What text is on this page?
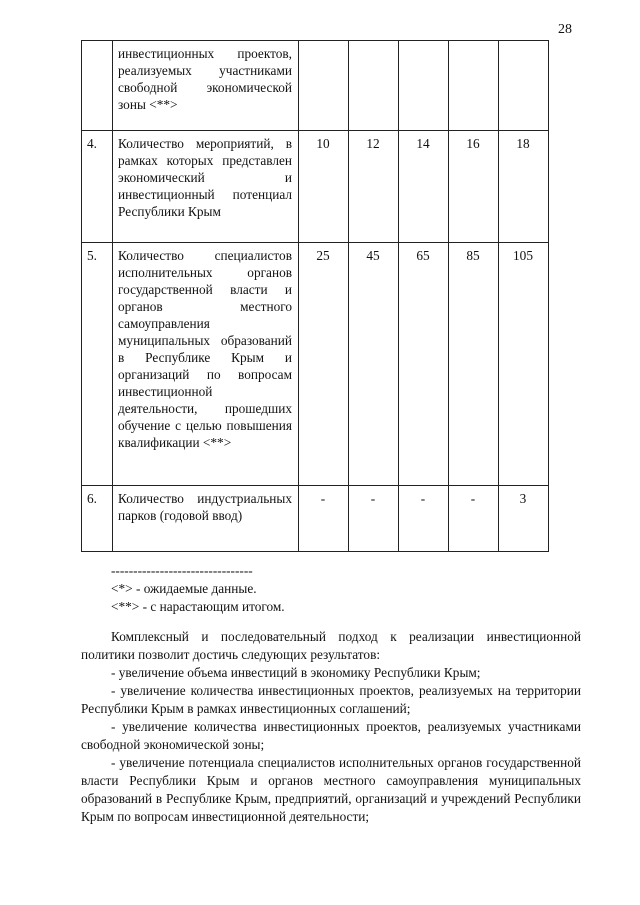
28
	инвестиционных проектов, реализуемых участниками свободной экономической зоны <**>					
4.	Количество мероприятий, в рамках которых представлен экономический и инвестиционный потенциал Республики Крым	10	12	14	16	18
5.	Количество специалистов исполнительных органов государственной власти и органов местного самоуправления муниципальных образований в Республике Крым и организаций по вопросам инвестиционной деятельности, прошедших обучение с целью повышения квалификации <**>	25	45	65	85	105
6.	Количество индустриальных парков (годовой ввод)	-	-	-	-	3
--------------------------------
<*> - ожидаемые данные.
<**> - с нарастающим итогом.

Комплексный и последовательный подход к реализации инвестиционной политики позволит достичь следующих результатов:

- увеличение объема инвестиций в экономику Республики Крым;

- увеличение количества инвестиционных проектов, реализуемых на территории Республики Крым в рамках инвестиционных соглашений;

- увеличение количества инвестиционных проектов, реализуемых участниками свободной экономической зоны;

- увеличение потенциала специалистов исполнительных органов государственной власти Республики Крым и органов местного самоуправления муниципальных образований в Республике Крым, предприятий, организаций и учреждений Республики Крым по вопросам инвестиционной деятельности;
